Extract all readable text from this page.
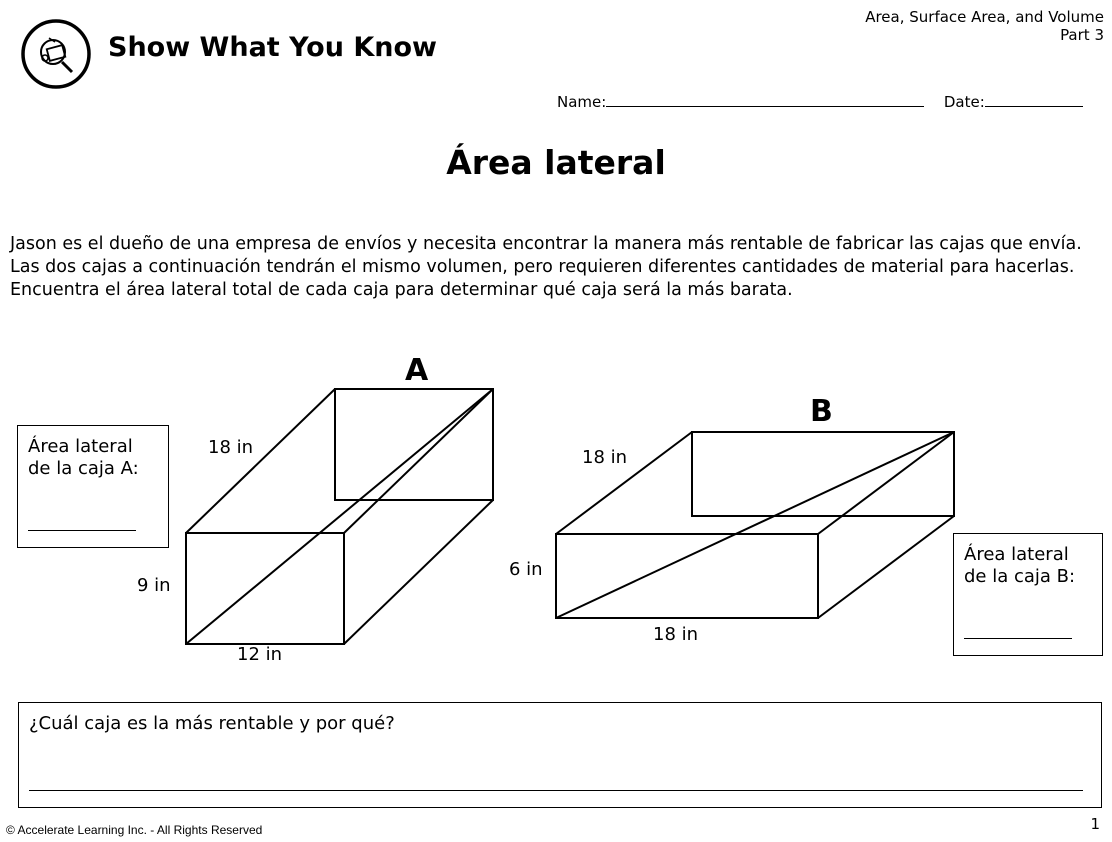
Show What You Know
Area, Surface Area, and Volume
Part 3
Name:	Date:
Área lateral
Jason es el dueño de una empresa de envíos y necesita encontrar la manera más rentable de fabricar las cajas que envía. Las dos cajas a continuación tendrán el mismo volumen, pero requieren diferentes cantidades de material para hacerlas. Encuentra el área lateral total de cada caja para determinar qué caja será la más barata.
A
18 in
9 in
12 in
B
18 in
6 in
18 in
Área lateral
de la caja A:
Área lateral
de la caja B:
¿Cuál caja es la más rentable y por qué?
© Accelerate Learning Inc. - All Rights Reserved	1
